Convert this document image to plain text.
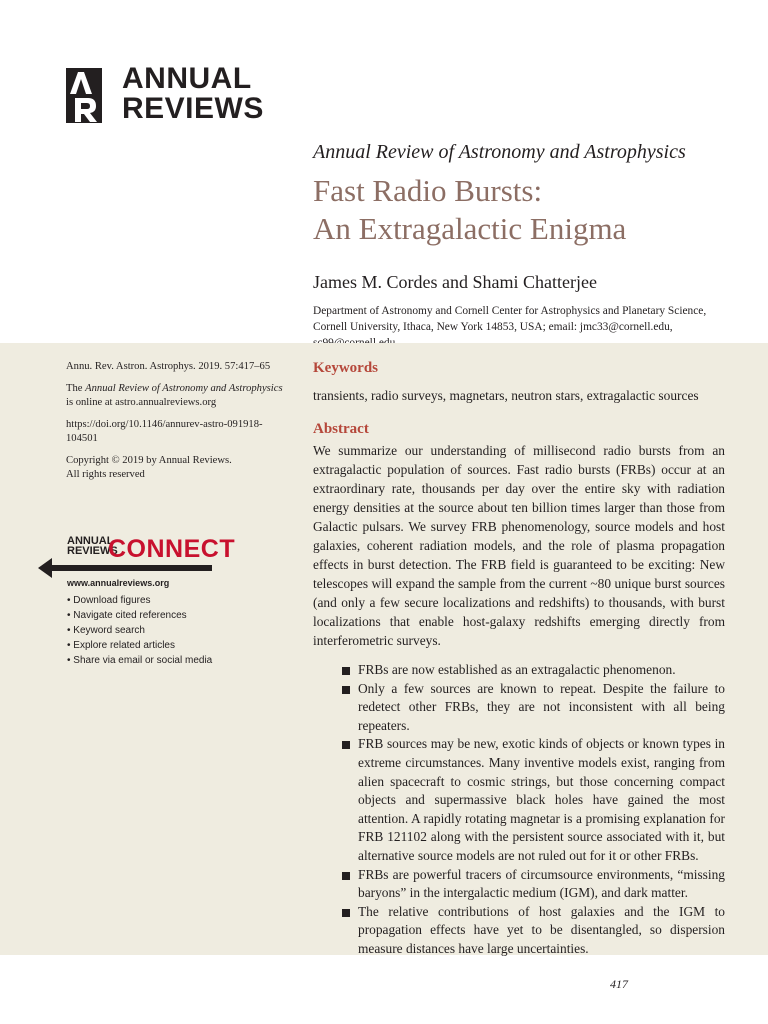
ANNUAL
REVIEWS
Annual Review of Astronomy and Astrophysics
Fast Radio Bursts:
An Extragalactic Enigma
James M. Cordes and Shami Chatterjee
Department of Astronomy and Cornell Center for Astrophysics and Planetary Science, Cornell University, Ithaca, New York 14853, USA; email: jmc33@cornell.edu,

Annu. Rev. Astron. Astrophys. 2019. 57:417–65

The Annual Review of Astronomy and Astrophysics is online at astro.annualreviews.org

https://doi.org/10.1146/annurev-astro-091918-104501

Copyright © 2019 by Annual Reviews.
All rights reserved

ANNUAL
REVIEWS
CONNECT
www.annualreviews.org
• Download figures
• Navigate cited references
• Keyword search
• Explore related articles
• Share via email or social media
Keywords

transients, radio surveys, magnetars, neutron stars, extragalactic sources

Abstract

We summarize our understanding of millisecond radio bursts from an extragalactic population of sources. Fast radio bursts (FRBs) occur at an extraordinary rate, thousands per day over the entire sky with radiation energy densities at the source about ten billion times larger than those from Galactic pulsars. We survey FRB phenomenology, source models and host galaxies, coherent radiation models, and the role of plasma propagation effects in burst detection. The FRB field is guaranteed to be exciting: New telescopes will expand the sample from the current ~80 unique burst sources (and only a few secure localizations and redshifts) to thousands, with burst localizations that enable host-galaxy redshifts emerging directly from interferometric surveys.

FRBs are now established as an extragalactic phenomenon.
Only a few sources are known to repeat. Despite the failure to redetect other FRBs, they are not inconsistent with all being repeaters.
FRB sources may be new, exotic kinds of objects or known types in extreme circumstances. Many inventive models exist, ranging from alien spacecraft to cosmic strings, but those concerning compact objects and supermassive black holes have gained the most attention. A rapidly rotating magnetar is a promising explanation for FRB 121102 along with the persistent source associated with it, but alternative source models are not ruled out for it or other FRBs.
FRBs are powerful tracers of circumsource environments, “missing baryons” in the intergalactic medium (IGM), and dark matter.
The relative contributions of host galaxies and the IGM to propagation effects have yet to be disentangled, so dispersion measure distances have large uncertainties.
417
